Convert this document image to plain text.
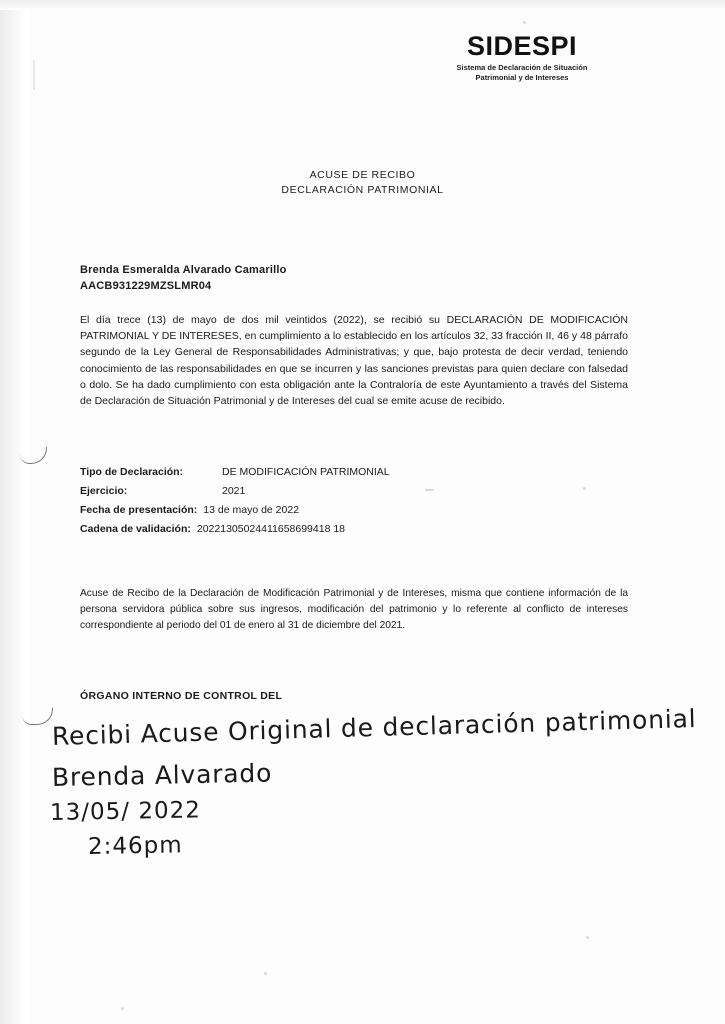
SIDESPI
Sistema de Declaración de Situación
Patrimonial y de Intereses
ACUSE DE RECIBO
DECLARACIÓN PATRIMONIAL
Brenda Esmeralda Alvarado Camarillo
AACB931229MZSLMR04
El día trece (13) de mayo de dos mil veintidos (2022), se recibió su DECLARACIÓN DE MODIFICACIÓN PATRIMONIAL Y DE INTERESES, en cumplimiento a lo establecido en los artículos 32, 33 fracción II, 46 y 48 párrafo segundo de la Ley General de Responsabilidades Administrativas; y que, bajo protesta de decir verdad, teniendo conocimiento de las responsabilidades en que se incurren y las sanciones previstas para quien declare con falsedad o dolo. Se ha dado cumplimiento con esta obligación ante la Contraloría de este Ayuntamiento a través del Sistema de Declaración de Situación Patrimonial y de Intereses del cual se emite acuse de recibido.
Tipo de Declaración:	DE MODIFICACIÓN PATRIMONIAL
Ejercicio:	2021
Fecha de presentación: 13 de mayo de 2022
Cadena de validación: 20221305024411658699418 18
Acuse de Recibo de la Declaración de Modificación Patrimonial y de Intereses, misma que contiene información de la persona servidora pública sobre sus ingresos, modificación del patrimonio y lo referente al conflicto de intereses correspondiente al periodo del 01 de enero al 31 de diciembre del 2021.
ÓRGANO INTERNO DE CONTROL DEL
Recibi Acuse Original de declaración patrimonial
Brenda Alvarado
13/05/ 2022
2:46pm
